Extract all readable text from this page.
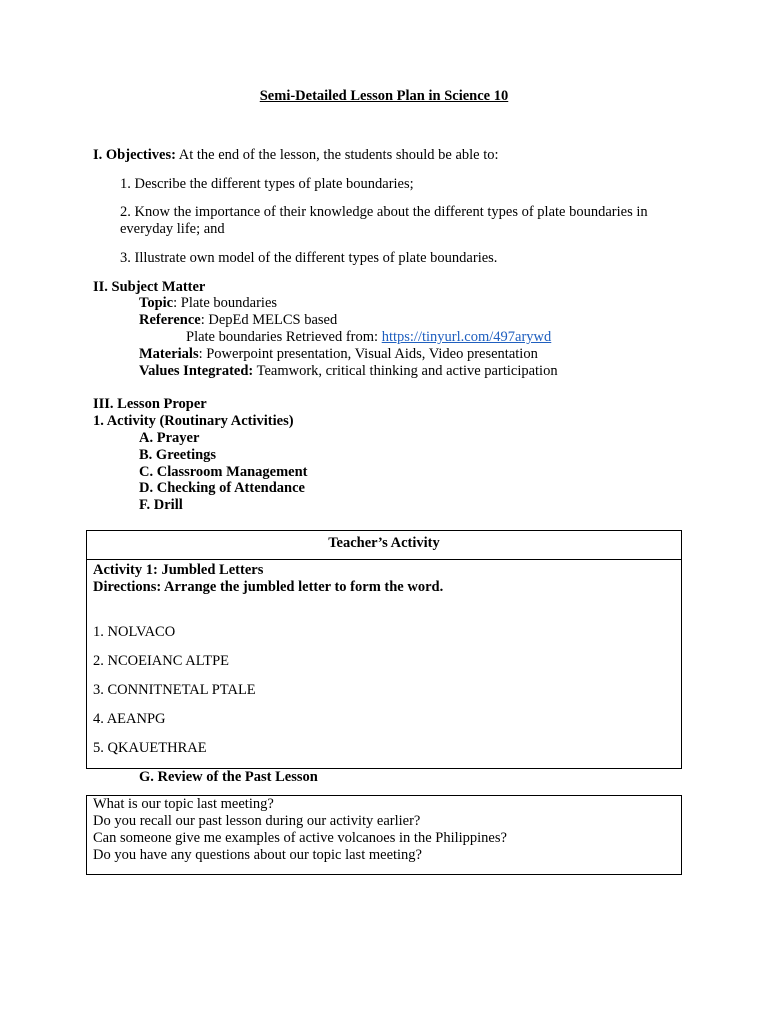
Semi-Detailed Lesson Plan in Science 10
I. Objectives: At the end of the lesson, the students should be able to:
1. Describe the different types of plate boundaries;
2. Know the importance of their knowledge about the different types of plate boundaries in everyday life; and
3. Illustrate own model of the different types of plate boundaries.
II. Subject Matter
Topic: Plate boundaries
Reference: DepEd MELCS based
Plate boundaries Retrieved from: https://tinyurl.com/497arywd
Materials: Powerpoint presentation, Visual Aids, Video presentation
Values Integrated: Teamwork, critical thinking and active participation
III. Lesson Proper
1. Activity (Routinary Activities)
A. Prayer
B. Greetings
C. Classroom Management
D. Checking of Attendance
F. Drill
Teacher’s Activity
Activity 1: Jumbled Letters
Directions: Arrange the jumbled letter to form the word.
1. NOLVACO
2. NCOEIANC ALTPE
3. CONNITNETAL PTALE
4. AEANPG
5. QKAUETHRAE
G. Review of the Past Lesson
What is our topic last meeting?
Do you recall our past lesson during our activity earlier?
Can someone give me examples of active volcanoes in the Philippines?
Do you have any questions about our topic last meeting?
